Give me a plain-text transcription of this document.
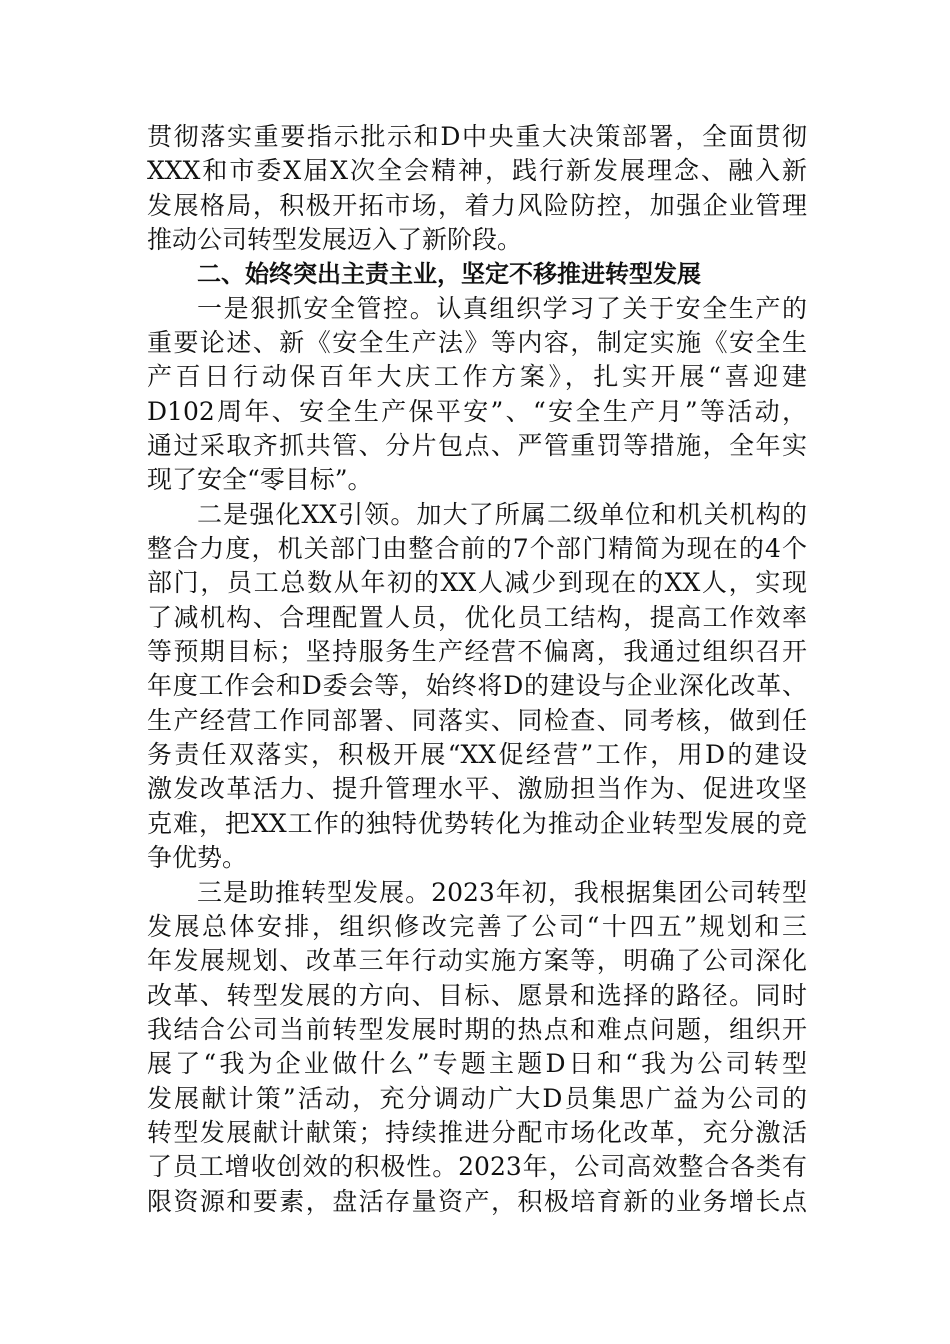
贯彻落实重要指示批示和D中央重大决策部署，全面贯彻
XXX和市委X届X次全会精神，践行新发展理念、融入新
发展格局，积极开拓市场，着力风险防控，加强企业管理
推动公司转型发展迈入了新阶段。
二、始终突出主责主业，坚定不移推进转型发展
一是狠抓安全管控。认真组织学习了关于安全生产的
重要论述、新《安全生产法》等内容，制定实施《安全生
产百日行动保百年大庆工作方案》，扎实开展“喜迎建
D102周年、安全生产保平安”、“安全生产月”等活动，
通过采取齐抓共管、分片包点、严管重罚等措施，全年实
现了安全“零目标”。
二是强化XX引领。加大了所属二级单位和机关机构的
整合力度，机关部门由整合前的7个部门精简为现在的4个
部门，员工总数从年初的XX人减少到现在的XX人，实现
了减机构、合理配置人员，优化员工结构，提高工作效率
等预期目标；坚持服务生产经营不偏离，我通过组织召开
年度工作会和D委会等，始终将D的建设与企业深化改革、
生产经营工作同部署、同落实、同检查、同考核，做到任
务责任双落实，积极开展“XX促经营”工作，用D的建设
激发改革活力、提升管理水平、激励担当作为、促进攻坚
克难，把XX工作的独特优势转化为推动企业转型发展的竞
争优势。
三是助推转型发展。2023年初，我根据集团公司转型
发展总体安排，组织修改完善了公司“十四五”规划和三
年发展规划、改革三年行动实施方案等，明确了公司深化
改革、转型发展的方向、目标、愿景和选择的路径。同时
我结合公司当前转型发展时期的热点和难点问题，组织开
展了“我为企业做什么”专题主题D日和“我为公司转型
发展献计策”活动，充分调动广大D员集思广益为公司的
转型发展献计献策；持续推进分配市场化改革，充分激活
了员工增收创效的积极性。2023年，公司高效整合各类有
限资源和要素，盘活存量资产，积极培育新的业务增长点
